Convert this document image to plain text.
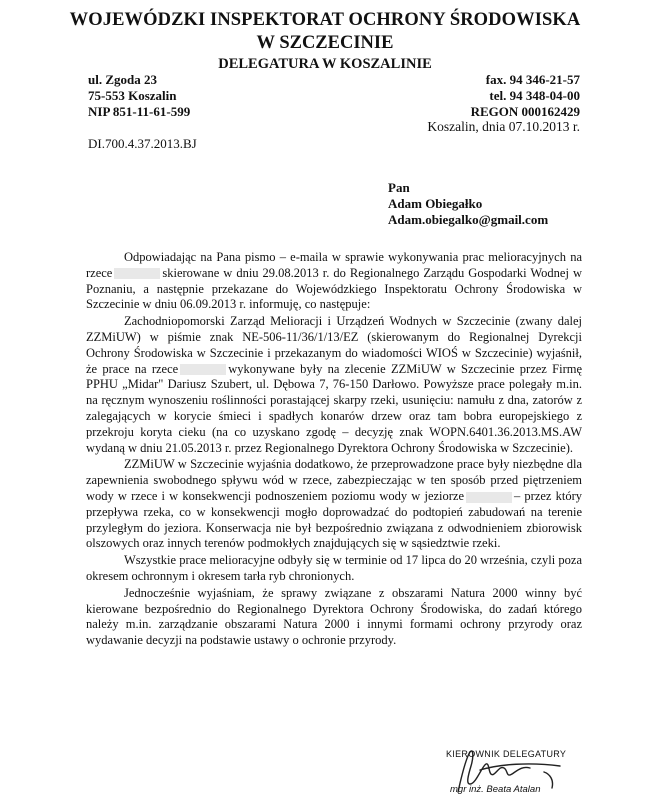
WOJEWÓDZKI INSPEKTORAT OCHRONY ŚRODOWISKA
W SZCZECINIE
DELEGATURA W KOSZALINIE
ul. Zgoda 23
75-553 Koszalin
NIP 851-11-61-599
fax. 94 346-21-57
tel. 94 348-04-00
REGON 000162429
Koszalin, dnia 07.10.2013 r.
DI.700.4.37.2013.BJ
Pan
Adam Obiegałko
Adam.obiegalko@gmail.com

Odpowiadając na Pana pismo – e-maila w sprawie wykonywania prac melioracyjnych na rzece	skierowane w dniu 29.08.2013 r. do Regionalnego Zarządu Gospodarki Wodnej w Poznaniu, a następnie przekazane do Wojewódzkiego Inspektoratu Ochrony Środowiska w Szczecinie w dniu 06.09.2013 r. informuję, co następuje:

Zachodniopomorski Zarząd Melioracji i Urządzeń Wodnych w Szczecinie (zwany dalej ZZMiUW) w piśmie znak NE-506-11/36/1/13/EZ (skierowanym do Regionalnej Dyrekcji Ochrony Środowiska w Szczecinie i przekazanym do wiadomości WIOŚ w Szczecinie) wyjaśnił, że prace na rzece	wykonywane były na zlecenie ZZMiUW w Szczecinie przez Firmę PPHU „Midar" Dariusz Szubert, ul. Dębowa 7, 76-150 Darłowo. Powyższe prace polegały m.in. na ręcznym wynoszeniu roślinności porastającej skarpy rzeki, usunięciu: namułu z dna, zatorów z zalegających w korycie śmieci i spadłych konarów drzew oraz tam bobra europejskiego z przekroju koryta cieku (na co uzyskano zgodę – decyzję znak WOPN.6401.36.2013.MS.AW wydaną w dniu 21.05.2013 r. przez Regionalnego Dyrektora Ochrony Środowiska w Szczecinie).

ZZMiUW w Szczecinie wyjaśnia dodatkowo, że przeprowadzone prace były niezbędne dla zapewnienia swobodnego spływu wód w rzece, zabezpieczając w ten sposób przed piętrzeniem wody w rzece i w konsekwencji podnoszeniem poziomu wody w jeziorze	– przez który przepływa rzeka, co w konsekwencji mogło doprowadzać do podtopień zabudowań na terenie przyległym do jeziora. Konserwacja nie był bezpośrednio związana z odwodnieniem zbiorowisk olszowych oraz innych terenów podmokłych znajdujących się w sąsiedztwie rzeki.

Wszystkie prace melioracyjne odbyły się w terminie od 17 lipca do 20 września, czyli poza okresem ochronnym i okresem tarła ryb chronionych.

Jednocześnie wyjaśniam, że sprawy związane z obszarami Natura 2000 winny być kierowane bezpośrednio do Regionalnego Dyrektora Ochrony Środowiska, do zadań którego należy m.in. zarządzanie obszarami Natura 2000 i innymi formami ochrony przyrody oraz wydawanie decyzji na podstawie ustawy o ochronie przyrody.

KIEROWNIK DELEGATURY
mgr inż. Beata Atalan
